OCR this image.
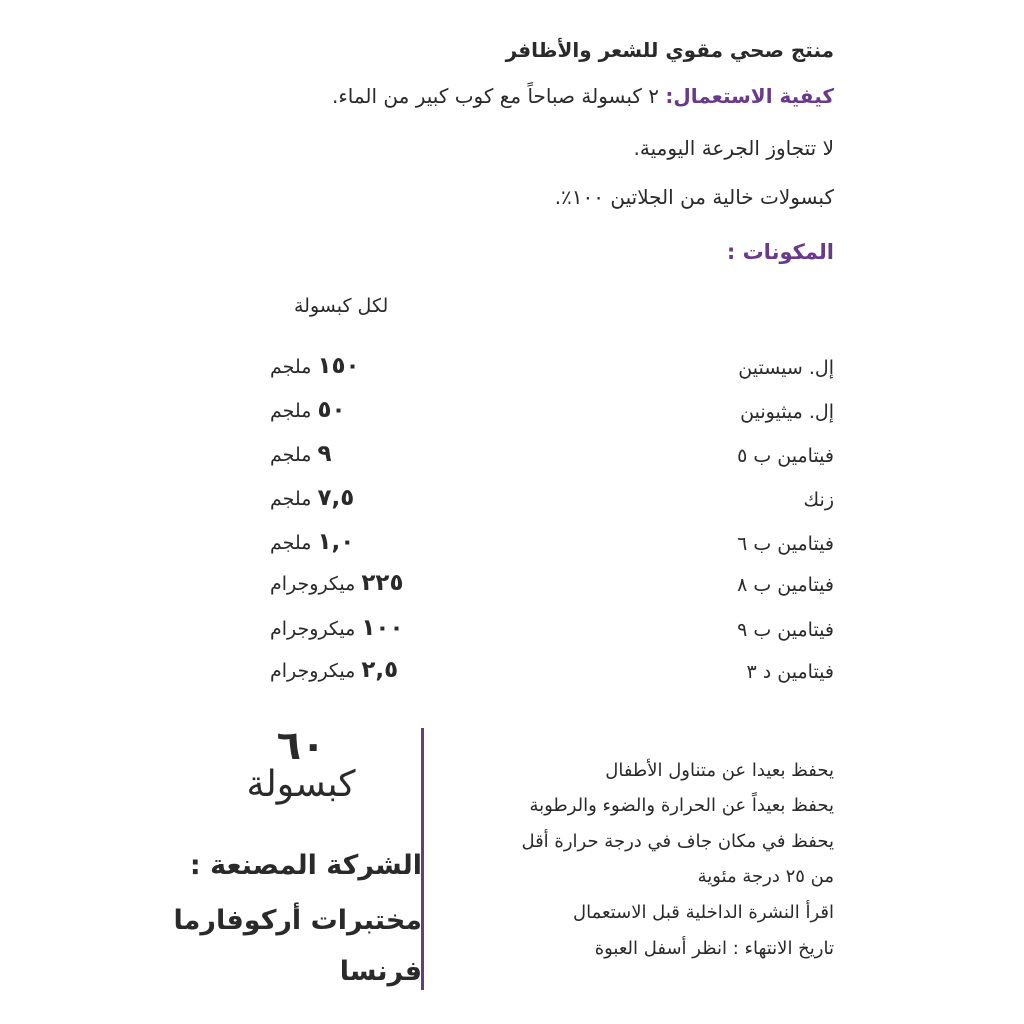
منتج صحي مقوي للشعر والأظافر
كيفية الاستعمال: ٢ كبسولة صباحاً مع كوب كبير من الماء.
لا تتجاوز الجرعة اليومية.
كبسولات خالية من الجلاتين ١٠٠٪.
المكونات :
لكل كبسولة
إل. سيستين
١٥٠ ملجم
إل. ميثيونين
٥٠ ملجم
فيتامين ب ٥
٩ ملجم
زنك
٧,٥ ملجم
فيتامين ب ٦
١,٠ ملجم
فيتامين ب ٨
٢٢٥ ميكروجرام
فيتامين ب ٩
١٠٠ ميكروجرام
فيتامين د ٣
٢,٥ ميكروجرام
٦٠
كبسولة
الشركة المصنعة :
مختبرات أركوفارما
فرنسا
يحفظ بعيدا عن متناول الأطفال
يحفظ بعيداً عن الحرارة والضوء والرطوبة
يحفظ في مكان جاف في درجة حرارة أقل
من ٢٥ درجة مئوية
اقرأ النشرة الداخلية قبل الاستعمال
تاريخ الانتهاء : انظر أسفل العبوة
